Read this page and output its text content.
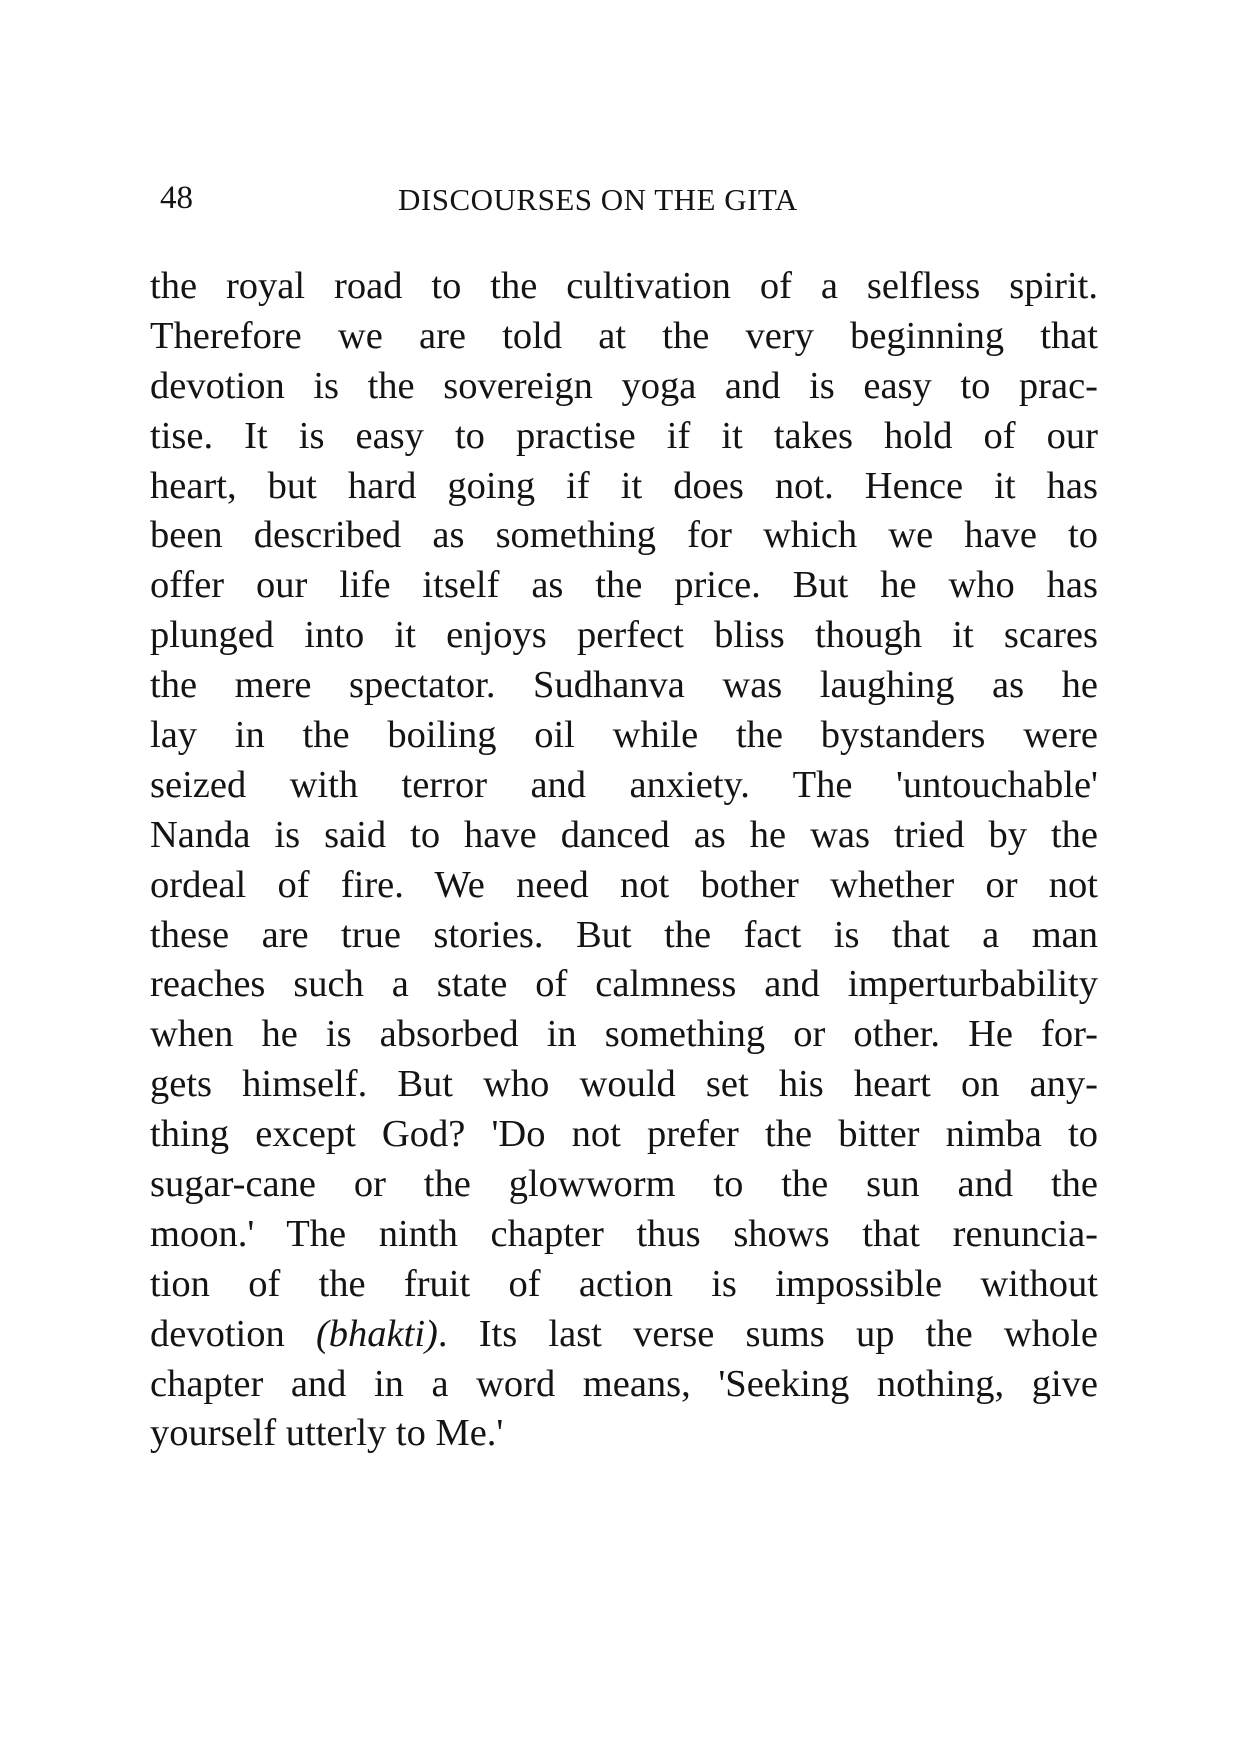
48	DISCOURSES ON THE GITA
the royal road to the cultivation of a selfless spirit.
Therefore we are told at the very beginning that
devotion is the sovereign yoga and is easy to prac-
tise. It is easy to practise if it takes hold of our
heart, but hard going if it does not. Hence it has
been described as something for which we have to
offer our life itself as the price. But he who has
plunged into it enjoys perfect bliss though it scares
the mere spectator. Sudhanva was laughing as he
lay in the boiling oil while the bystanders were
seized with terror and anxiety. The 'untouchable'
Nanda is said to have danced as he was tried by the
ordeal of fire. We need not bother whether or not
these are true stories. But the fact is that a man
reaches such a state of calmness and imperturbability
when he is absorbed in something or other. He for-
gets himself. But who would set his heart on any-
thing except God? 'Do not prefer the bitter nimba to
sugar-cane or the glowworm to the sun and the
moon.' The ninth chapter thus shows that renuncia-
tion of the fruit of action is impossible without
devotion (bhakti). Its last verse sums up the whole
chapter and in a word means, 'Seeking nothing, give
yourself utterly to Me.'
